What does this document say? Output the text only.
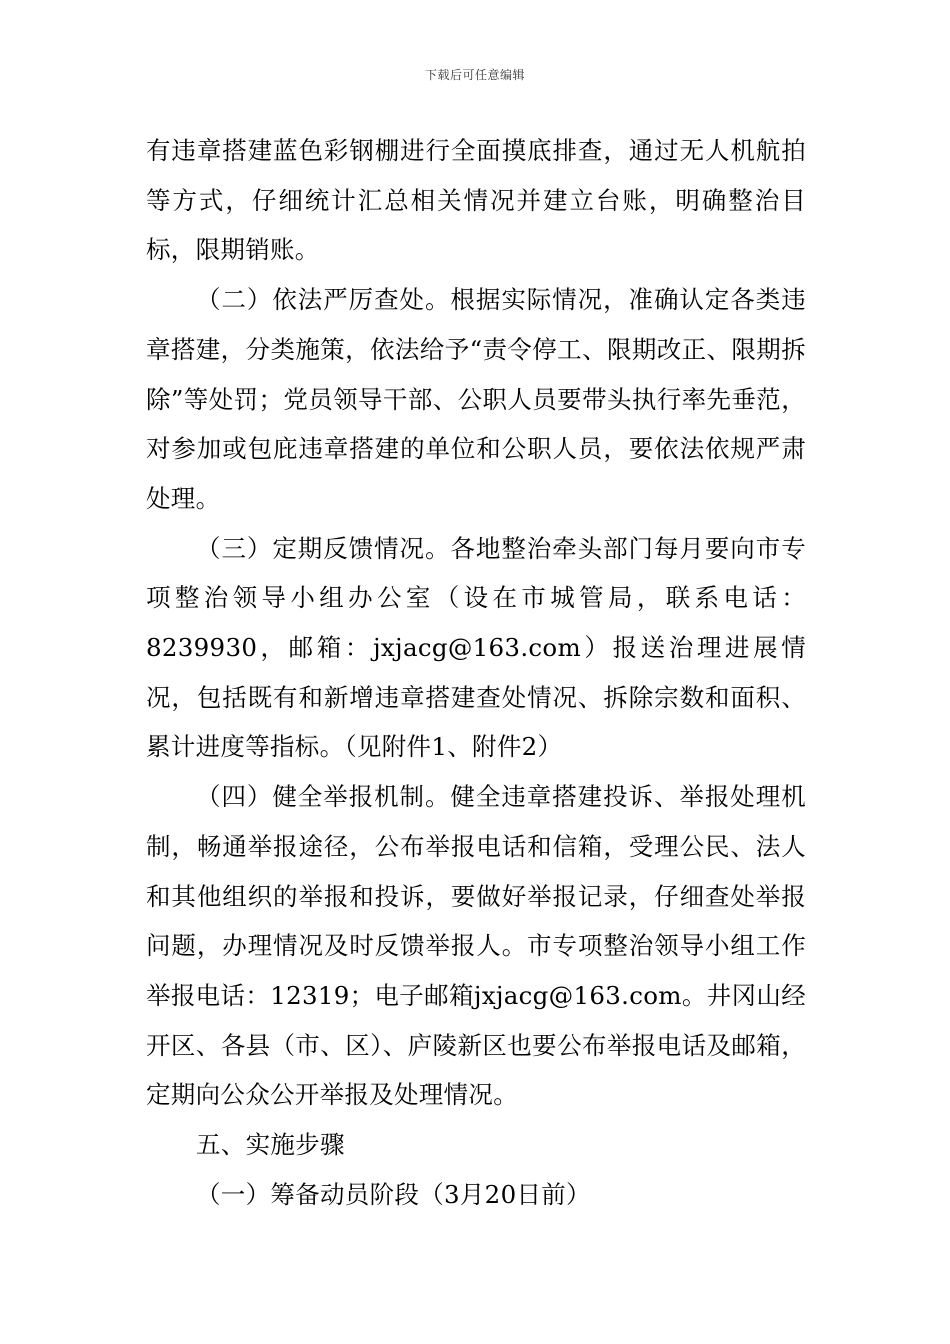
下载后可任意编辑

有违章搭建蓝色彩钢棚进行全面摸底排查，通过无人机航拍等方式，仔细统计汇总相关情况并建立台账，明确整治目标，限期销账。

（二）依法严厉查处。根据实际情况，准确认定各类违章搭建，分类施策，依法给予“责令停工、限期改正、限期拆除”等处罚；党员领导干部、公职人员要带头执行率先垂范，对参加或包庇违章搭建的单位和公职人员，要依法依规严肃处理。

（三）定期反馈情况。各地整治牵头部门每月要向市专项整治领导小组办公室（设在市城管局，联系电话：8239930，邮箱：jxjacg@163.com）报送治理进展情况，包括既有和新增违章搭建查处情况、拆除宗数和面积、累计进度等指标。（见附件1、附件2）

（四）健全举报机制。健全违章搭建投诉、举报处理机制，畅通举报途径，公布举报电话和信箱，受理公民、法人和其他组织的举报和投诉，要做好举报记录，仔细查处举报问题，办理情况及时反馈举报人。市专项整治领导小组工作举报电话：12319；电子邮箱jxjacg@163.com。井冈山经开区、各县（市、区）、庐陵新区也要公布举报电话及邮箱，定期向公众公开举报及处理情况。

五、实施步骤

（一）筹备动员阶段（3月20日前）
